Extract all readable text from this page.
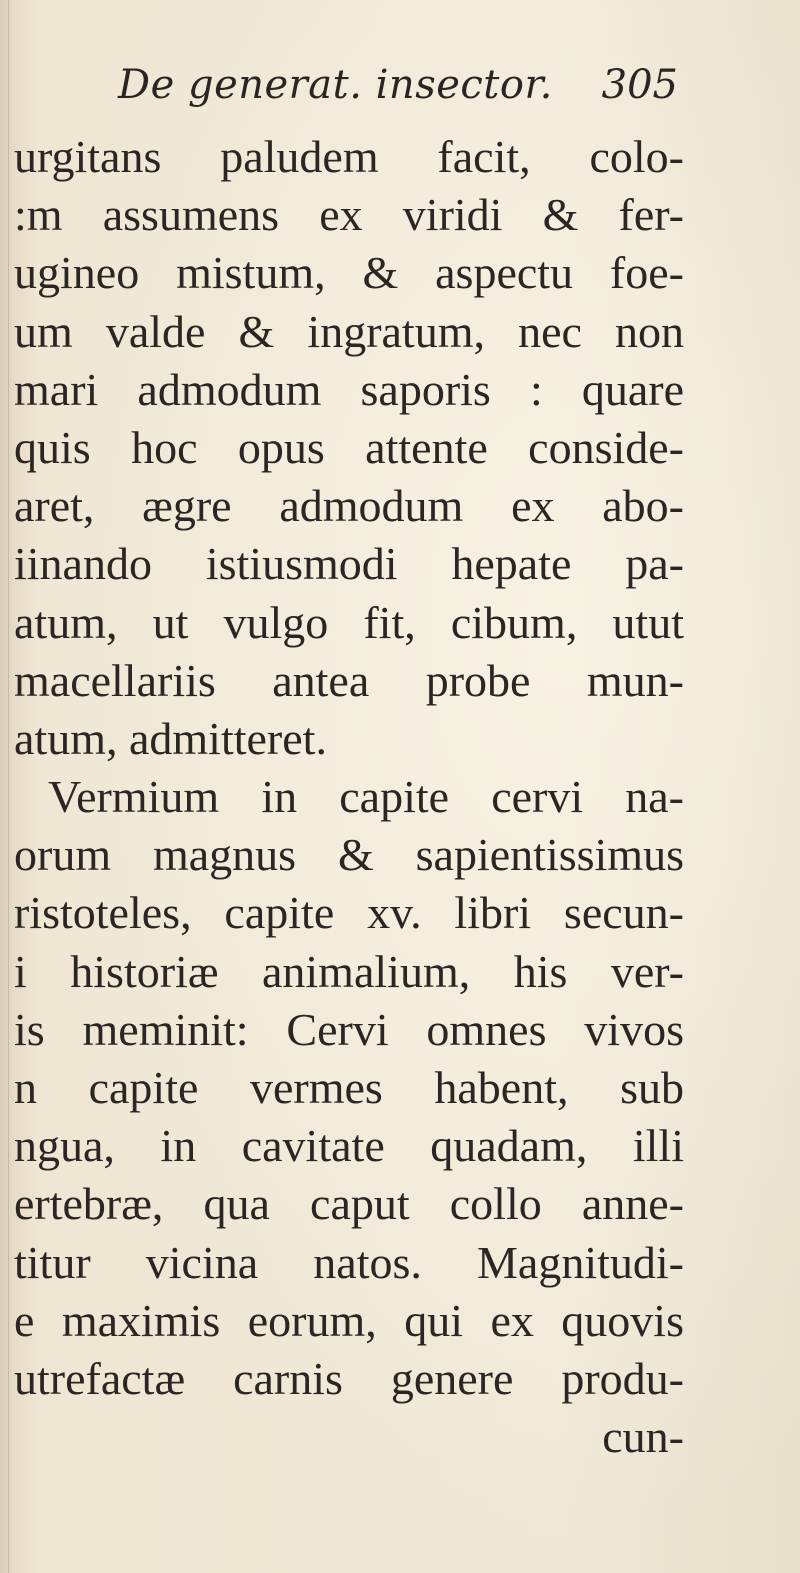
De generat. insector. 305
urgitans paludem facit, colo-
:m assumens ex viridi & fer-
ugineo mistum, & aspectu foe-
um valde & ingratum, nec non
mari admodum saporis : quare
quis hoc opus attente conside-
aret, ægre admodum ex abo-
iinando istiusmodi hepate pa-
atum, ut vulgo fit, cibum, utut
macellariis antea probe mun-
atum, admitteret.
Vermium in capite cervi na-
orum magnus & sapientissimus
ristoteles, capite xv. libri secun-
i historiæ animalium, his ver-
is meminit: Cervi omnes vivos
n capite vermes habent, sub
ngua, in cavitate quadam, illi
ertebræ, qua caput collo anne-
titur vicina natos. Magnitudi-
e maximis eorum, qui ex quovis
utrefactæ carnis genere produ-
cun-
